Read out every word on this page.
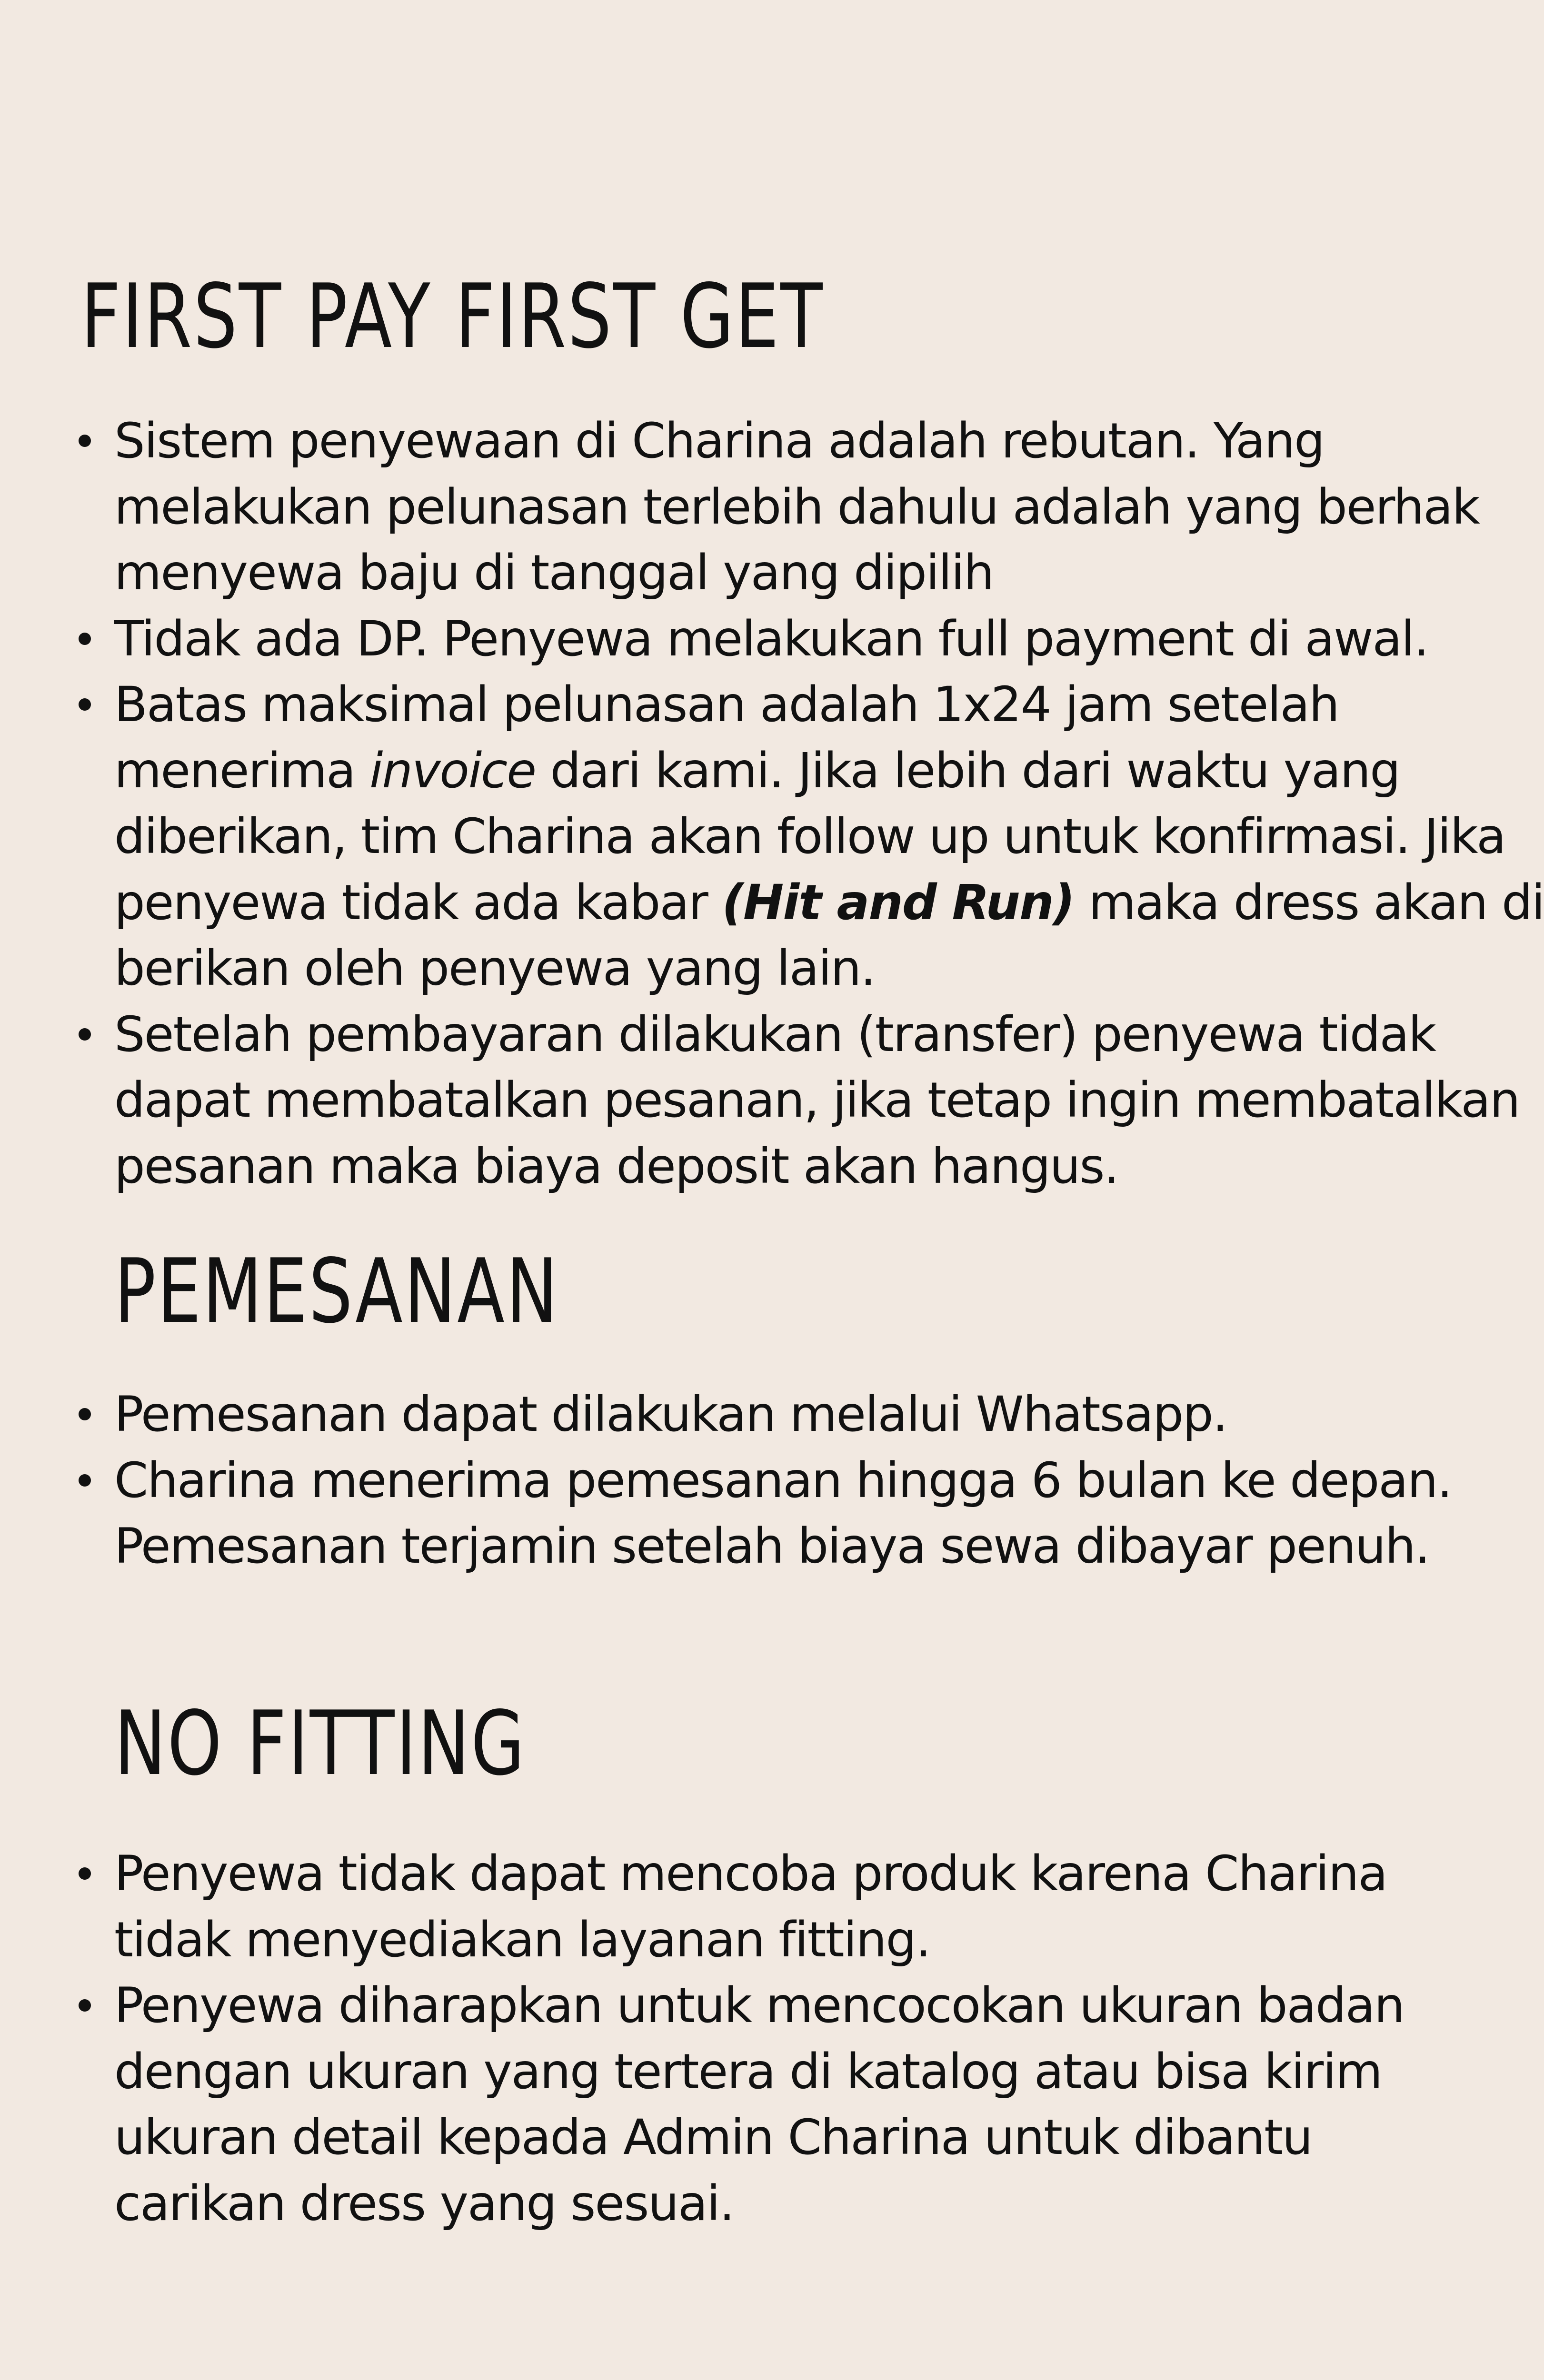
FIRST PAY FIRST GET
Sistem penyewaan di Charina adalah rebutan. Yang
melakukan pelunasan terlebih dahulu adalah yang berhak
menyewa baju di tanggal yang dipilih
Tidak ada DP. Penyewa melakukan full payment di awal.
Batas maksimal pelunasan adalah 1x24 jam setelah
menerima invoice dari kami. Jika lebih dari waktu yang
diberikan, tim Charina akan follow up untuk konfirmasi. Jika
penyewa tidak ada kabar (Hit and Run) maka dress akan di
berikan oleh penyewa yang lain.
Setelah pembayaran dilakukan (transfer) penyewa tidak
dapat membatalkan pesanan, jika tetap ingin membatalkan
pesanan maka biaya deposit akan hangus.
PEMESANAN
Pemesanan dapat dilakukan melalui Whatsapp.
Charina menerima pemesanan hingga 6 bulan ke depan.
Pemesanan terjamin setelah biaya sewa dibayar penuh.
NO FITTING
Penyewa tidak dapat mencoba produk karena Charina
tidak menyediakan layanan fitting.
Penyewa diharapkan untuk mencocokan ukuran badan
dengan ukuran yang tertera di katalog atau bisa kirim
ukuran detail kepada Admin Charina untuk dibantu
carikan dress yang sesuai.
